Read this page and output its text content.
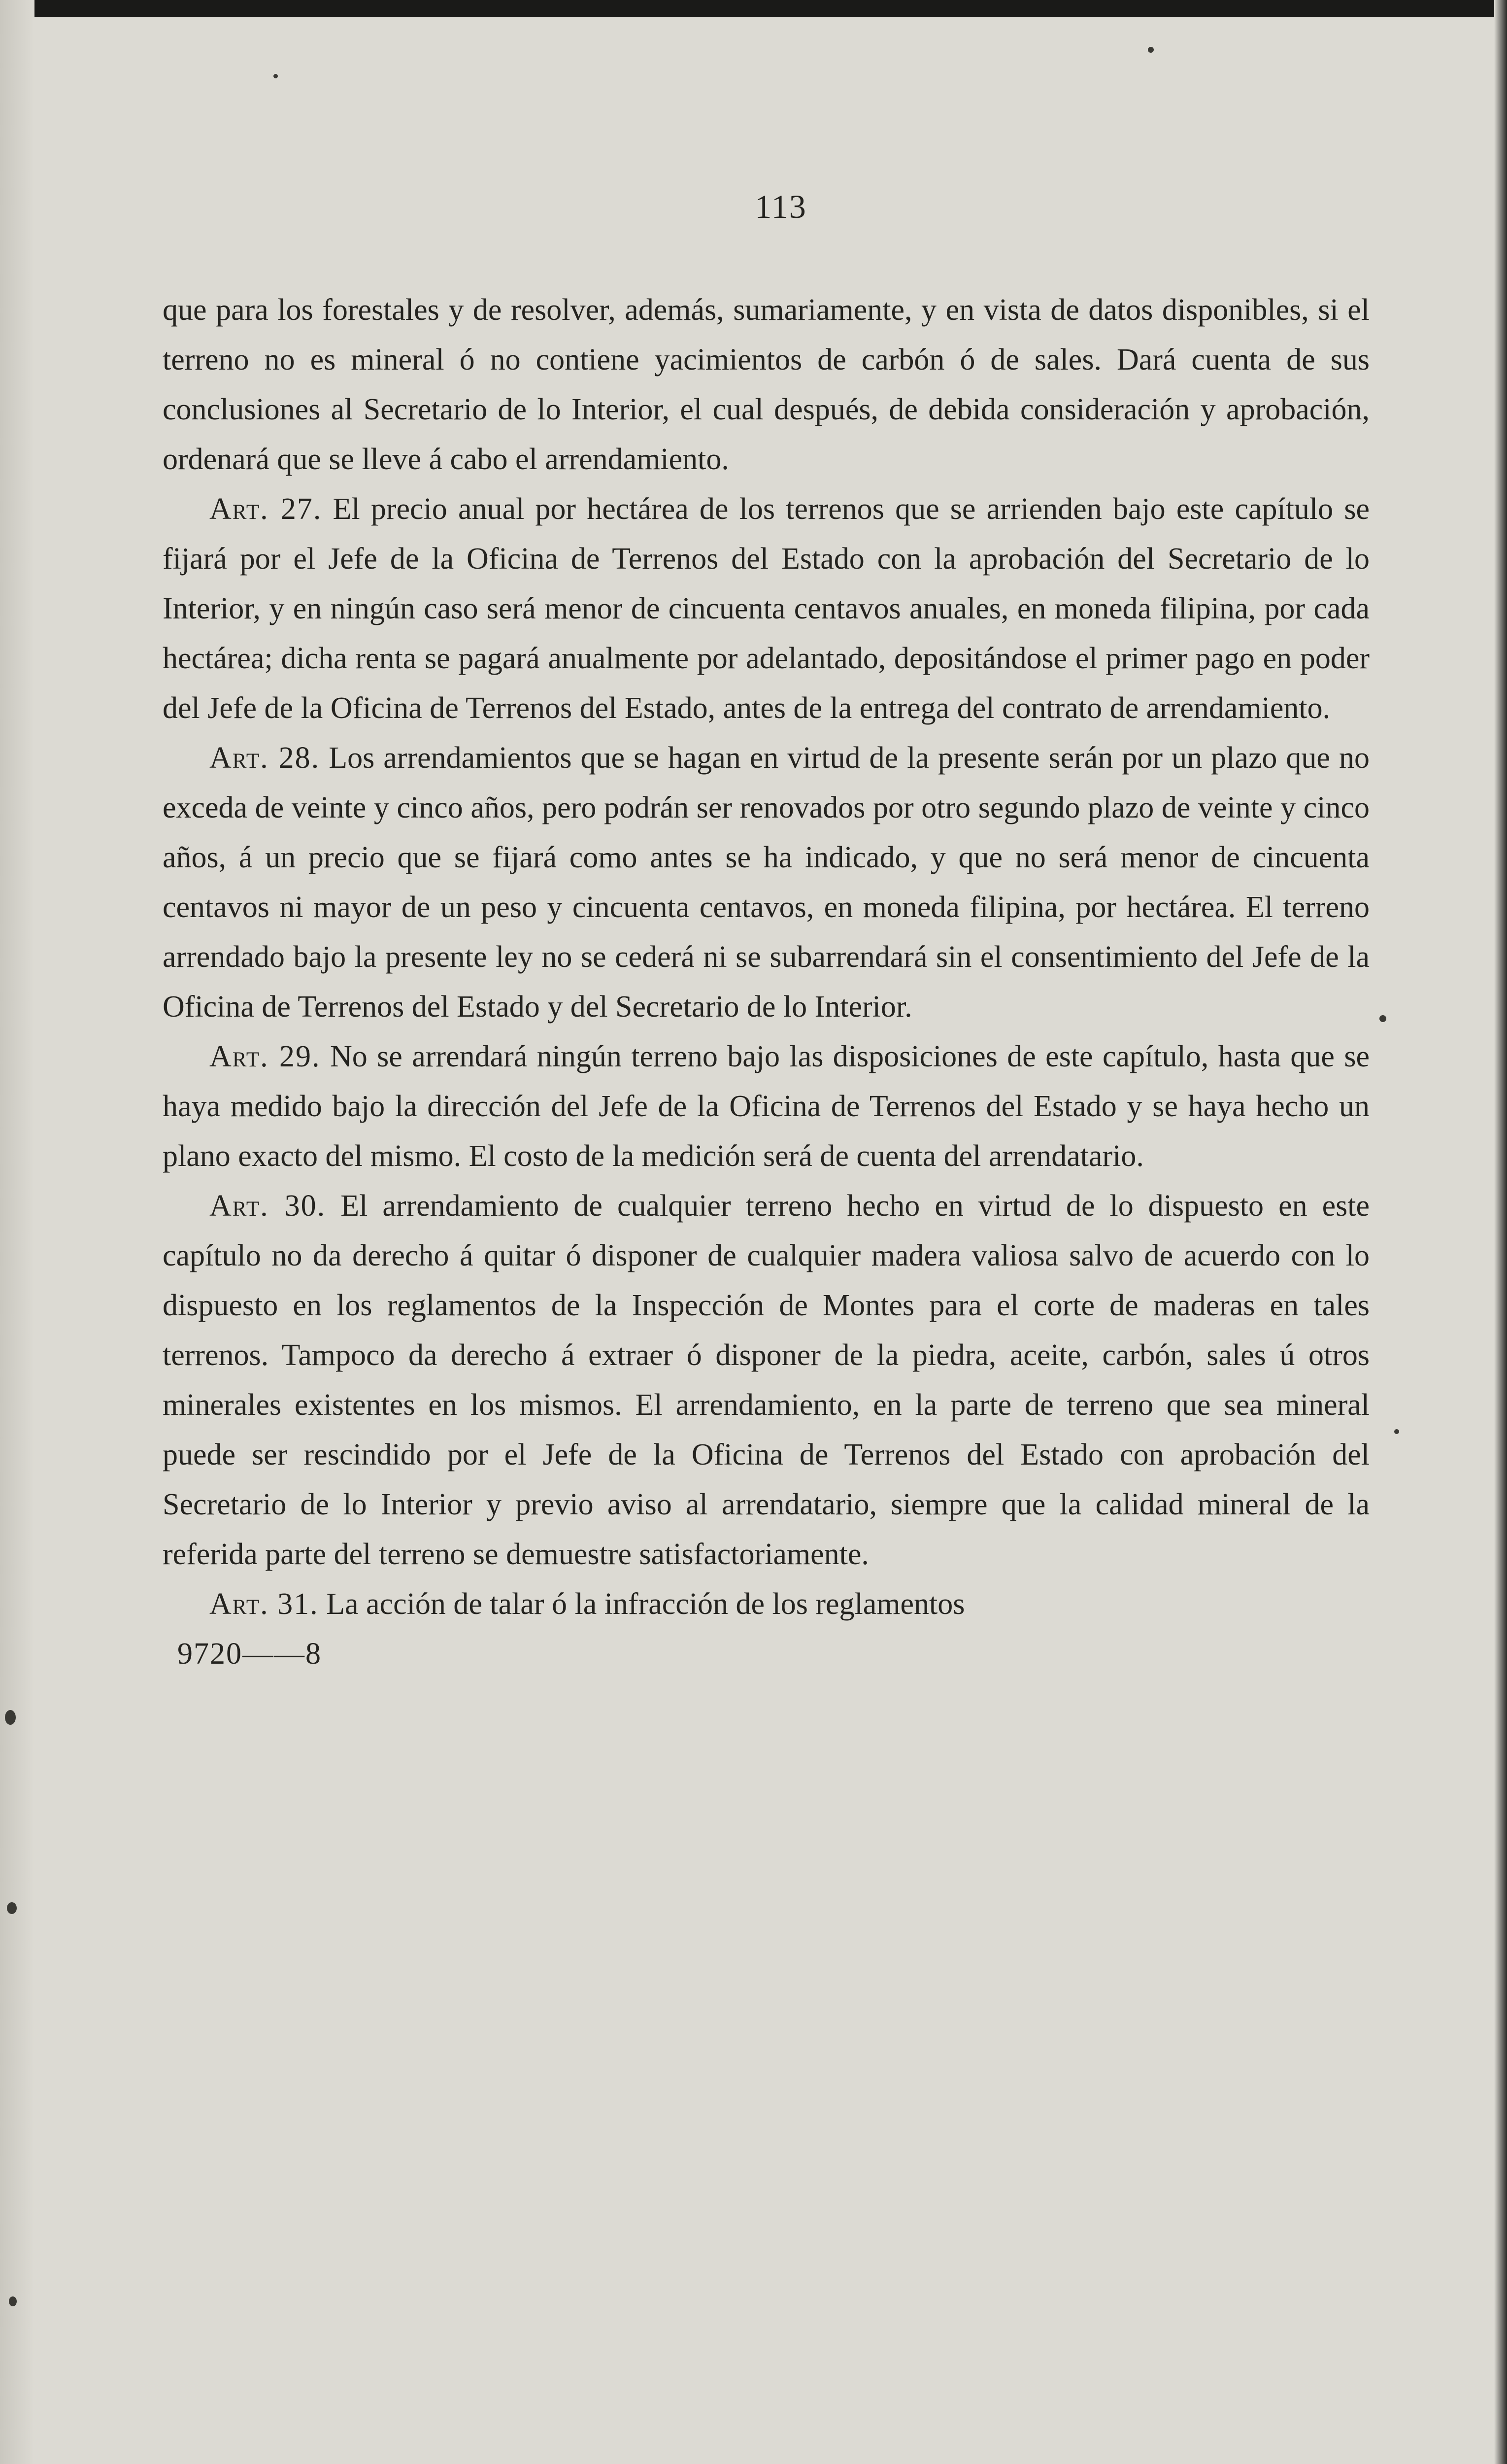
113

que para los forestales y de resolver, además, sumariamente, y en vista de datos disponibles, si el terreno no es mineral ó no contiene yacimientos de carbón ó de sales. Dará cuenta de sus conclusiones al Secretario de lo Interior, el cual después, de debida consideración y aprobación, ordenará que se lleve á cabo el arrendamiento.

Art. 27. El precio anual por hectárea de los terrenos que se arrienden bajo este capítulo se fijará por el Jefe de la Oficina de Terrenos del Estado con la aprobación del Secretario de lo Interior, y en ningún caso será menor de cincuenta centavos anuales, en moneda filipina, por cada hectárea; dicha renta se pagará anualmente por adelantado, depositándose el primer pago en poder del Jefe de la Oficina de Terrenos del Estado, antes de la entrega del contrato de arrendamiento.

Art. 28. Los arrendamientos que se hagan en virtud de la presente serán por un plazo que no exceda de veinte y cinco años, pero podrán ser renovados por otro segundo plazo de veinte y cinco años, á un precio que se fijará como antes se ha indicado, y que no será menor de cincuenta centavos ni mayor de un peso y cincuenta centavos, en moneda filipina, por hectárea. El terreno arrendado bajo la presente ley no se cederá ni se subarrendará sin el consentimiento del Jefe de la Oficina de Terrenos del Estado y del Secretario de lo Interior.

Art. 29. No se arrendará ningún terreno bajo las disposiciones de este capítulo, hasta que se haya medido bajo la dirección del Jefe de la Oficina de Terrenos del Estado y se haya hecho un plano exacto del mismo. El costo de la medición será de cuenta del arrendatario.

Art. 30. El arrendamiento de cualquier terreno hecho en virtud de lo dispuesto en este capítulo no da derecho á quitar ó disponer de cualquier madera valiosa salvo de acuerdo con lo dispuesto en los reglamentos de la Inspección de Montes para el corte de maderas en tales terrenos. Tampoco da derecho á extraer ó disponer de la piedra, aceite, carbón, sales ú otros minerales existentes en los mismos. El arrendamiento, en la parte de terreno que sea mineral puede ser rescindido por el Jefe de la Oficina de Terrenos del Estado con aprobación del Secretario de lo Interior y previo aviso al arrendatario, siempre que la calidad mineral de la referida parte del terreno se demuestre satisfactoriamente.

Art. 31. La acción de talar ó la infracción de los reglamentos

9720——8
